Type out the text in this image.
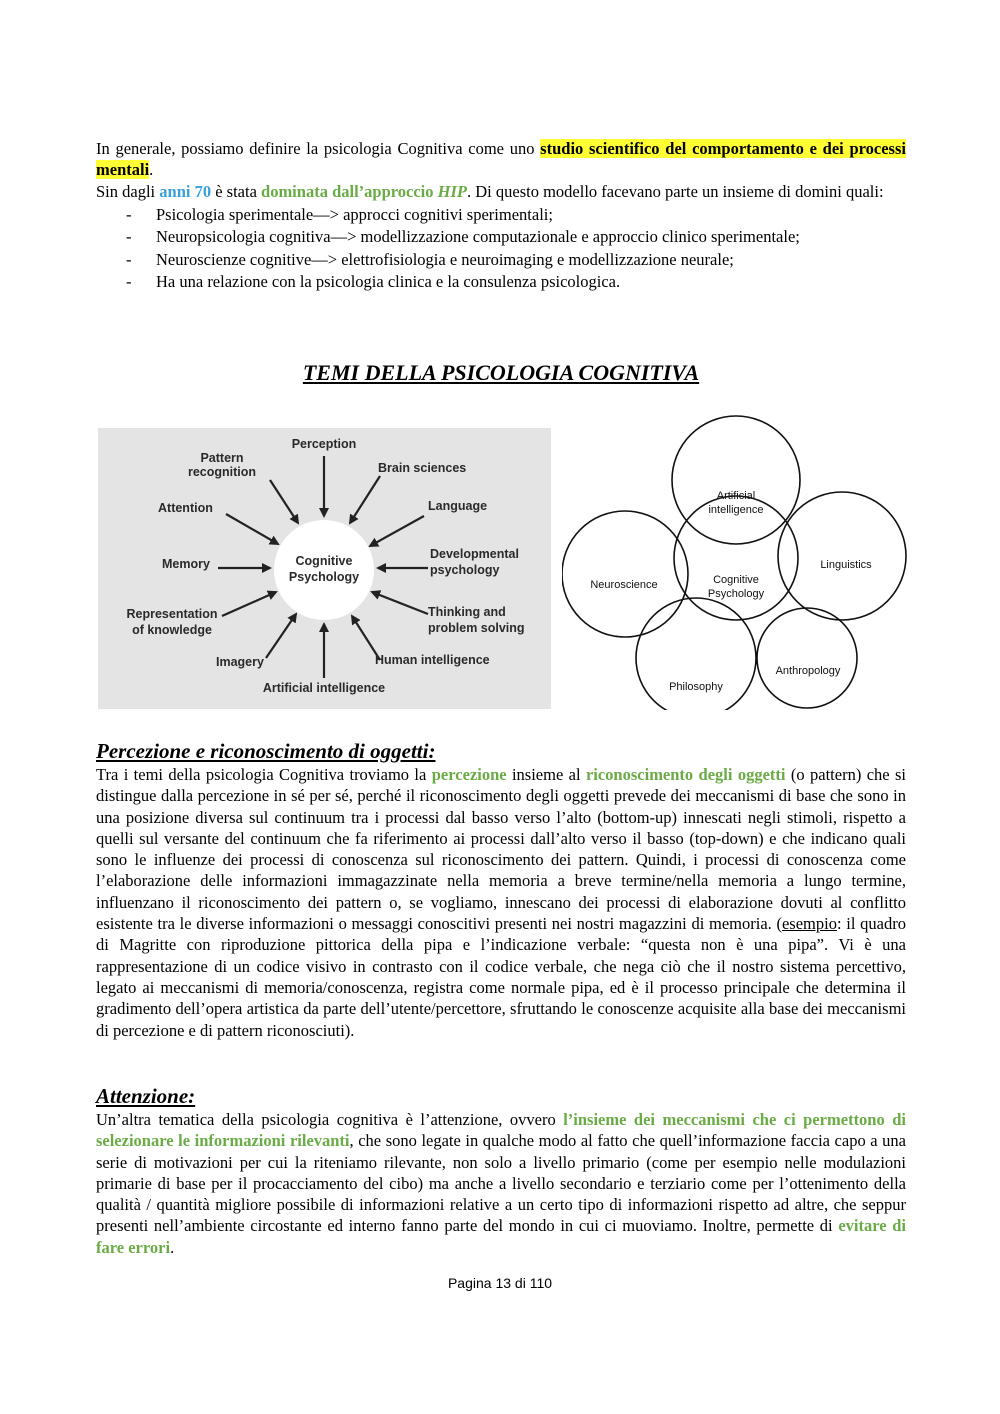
In generale, possiamo definire la psicologia Cognitiva come uno studio scientifico del comportamento e dei processi mentali.

Sin dagli anni 70 è stata dominata dall’approccio HIP. Di questo modello facevano parte un insieme di domini quali:

- Psicologia sperimentale—> approcci cognitivi sperimentali;
- Neuropsicologia cognitiva—> modellizzazione computazionale e approccio clinico sperimentale;
- Neuroscienze cognitive—> elettrofisiologia e neuroimaging e modellizzazione neurale;
- Ha una relazione con la psicologia clinica e la consulenza psicologica.
TEMI DELLA PSICOLOGIA COGNITIVA
Cognitive
Psychology
Perception
Pattern
recognition	Brain sciences
Attention	Language
Memory
Developmental
psychology
Representation
of knowledge
Thinking and
problem solving
Imagery	Human intelligence
Artificial intelligence
Cognitive
Psychology
Artificial
intelligence
Neuroscience
Linguistics
Anthropology
Philosophy
Percezione e riconoscimento di oggetti:

Tra i temi della psicologia Cognitiva troviamo la percezione insieme al riconoscimento degli oggetti (o pattern) che si distingue dalla percezione in sé per sé, perché il riconoscimento degli oggetti prevede dei meccanismi di base che sono in una posizione diversa sul continuum tra i processi dal basso verso l’alto (bottom-up) innescati negli stimoli, rispetto a quelli sul versante del continuum che fa riferimento ai processi dall’alto verso il basso (top-down) e che indicano quali sono le influenze dei processi di conoscenza sul riconoscimento dei pattern. Quindi, i processi di conoscenza come l’elaborazione delle informazioni immagazzinate nella memoria a breve termine/nella memoria a lungo termine, influenzano il riconoscimento dei pattern o, se vogliamo, innescano dei processi di elaborazione dovuti al conflitto esistente tra le diverse informazioni o messaggi conoscitivi presenti nei nostri magazzini di memoria. (esempio: il quadro di Magritte con riproduzione pittorica della pipa e l’indicazione verbale: “questa non è una pipa”. Vi è una rappresentazione di un codice visivo in contrasto con il codice verbale, che nega ciò che il nostro sistema percettivo, legato ai meccanismi di memoria/conoscenza, registra come normale pipa, ed è il processo principale che determina il gradimento dell’opera artistica da parte dell’utente/percettore, sfruttando le conoscenze acquisite alla base dei meccanismi di percezione e di pattern riconosciuti).

Attenzione:

Un’altra tematica della psicologia cognitiva è l’attenzione, ovvero l’insieme dei meccanismi che ci permettono di selezionare le informazioni rilevanti, che sono legate in qualche modo al fatto che quell’informazione faccia capo a una serie di motivazioni per cui la riteniamo rilevante, non solo a livello primario (come per esempio nelle modulazioni primarie di base per il procacciamento del cibo) ma anche a livello secondario e terziario come per l’ottenimento della qualità / quantità migliore possibile di informazioni relative a un certo tipo di informazioni rispetto ad altre, che seppur presenti nell’ambiente circostante ed interno fanno parte del mondo in cui ci muoviamo. Inoltre, permette di evitare di fare errori.

Pagina 13 di 110
